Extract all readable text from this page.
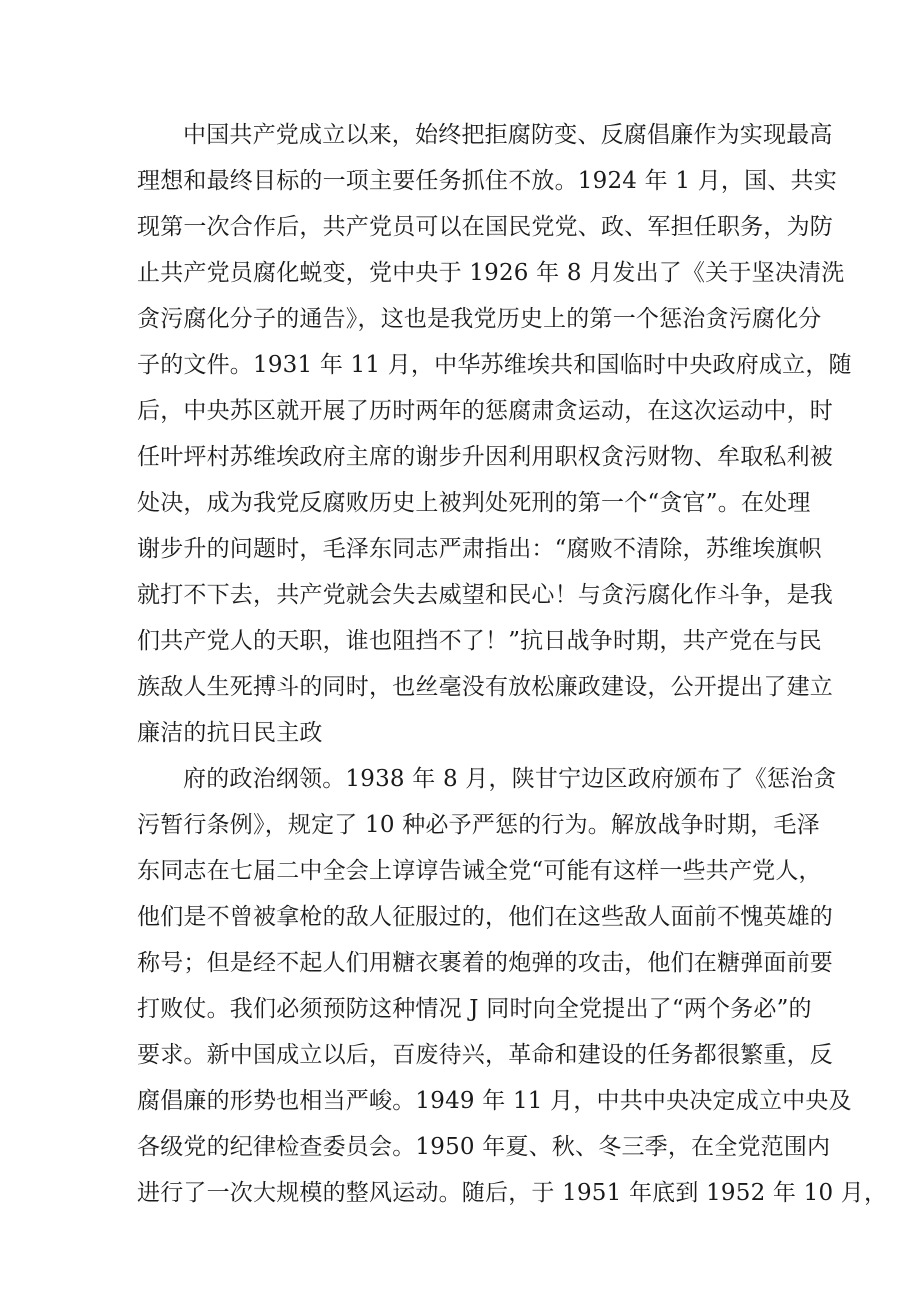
中国共产党成立以来，始终把拒腐防变、反腐倡廉作为实现最高
理想和最终目标的一项主要任务抓住不放。1924 年 1 月，国、共实
现第一次合作后，共产党员可以在国民党党、政、军担任职务，为防
止共产党员腐化蜕变，党中央于 1926 年 8 月发出了《关于坚决清洗
贪污腐化分子的通告》，这也是我党历史上的第一个惩治贪污腐化分
子的文件。1931 年 11 月，中华苏维埃共和国临时中央政府成立，随
后，中央苏区就开展了历时两年的惩腐肃贪运动，在这次运动中，时
任叶坪村苏维埃政府主席的谢步升因利用职权贪污财物、牟取私利被
处决，成为我党反腐败历史上被判处死刑的第一个“贪官”。在处理
谢步升的问题时，毛泽东同志严肃指出：“腐败不清除，苏维埃旗帜
就打不下去，共产党就会失去威望和民心！与贪污腐化作斗争，是我
们共产党人的天职，谁也阻挡不了！”抗日战争时期，共产党在与民
族敌人生死搏斗的同时，也丝毫没有放松廉政建设，公开提出了建立
廉洁的抗日民主政
府的政治纲领。1938 年 8 月，陕甘宁边区政府颁布了《惩治贪
污暂行条例》，规定了 10 种必予严惩的行为。解放战争时期，毛泽
东同志在七届二中全会上谆谆告诫全党“可能有这样一些共产党人，
他们是不曾被拿枪的敌人征服过的，他们在这些敌人面前不愧英雄的
称号；但是经不起人们用糖衣裹着的炮弹的攻击，他们在糖弹面前要
打败仗。我们必须预防这种情况 J 同时向全党提出了“两个务必”的
要求。新中国成立以后，百废待兴，革命和建设的任务都很繁重，反
腐倡廉的形势也相当严峻。1949 年 11 月，中共中央决定成立中央及
各级党的纪律检查委员会。1950 年夏、秋、冬三季，在全党范围内
进行了一次大规模的整风运动。随后，于 1951 年底到 1952 年 10 月，
